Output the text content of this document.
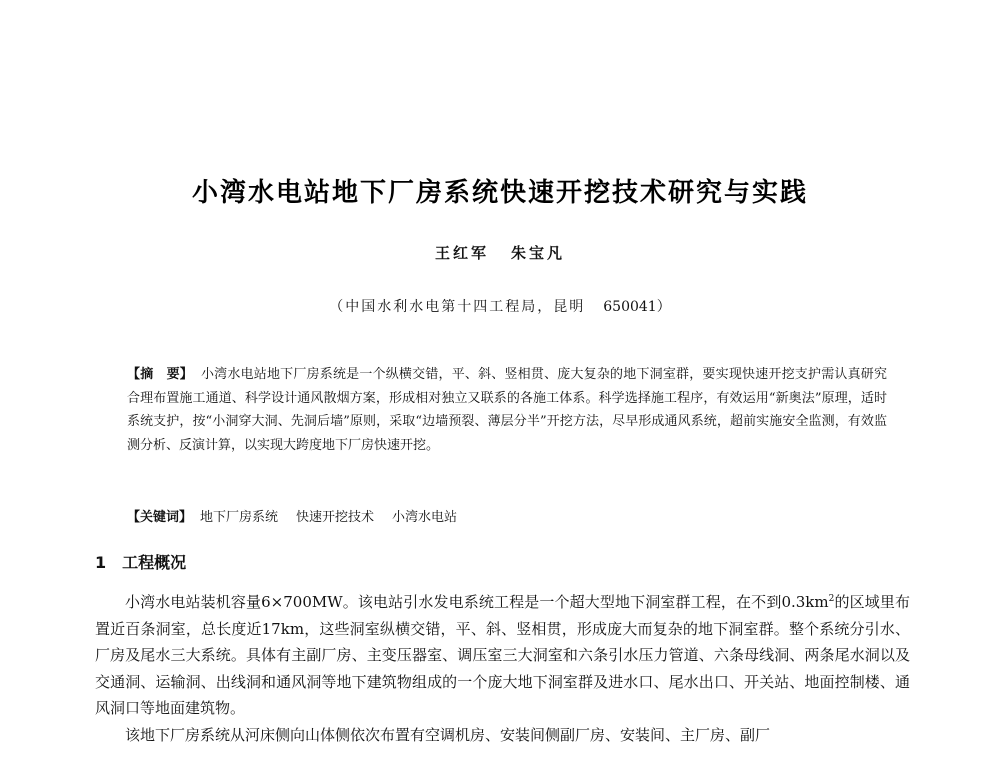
小湾水电站地下厂房系统快速开挖技术研究与实践
王红军 朱宝凡
（中国水利水电第十四工程局，昆明 650041）
【摘　要】 小湾水电站地下厂房系统是一个纵横交错，平、斜、竖相贯、庞大复杂的地下洞室群，要实现快速开挖支护需认真研究合理布置施工通道、科学设计通风散烟方案，形成相对独立又联系的各施工体系。科学选择施工程序，有效运用“新奥法”原理，适时系统支护，按“小洞穿大洞、先洞后墙”原则，采取“边墙预裂、薄层分半”开挖方法，尽早形成通风系统，超前实施安全监测，有效监测分析、反演计算，以实现大跨度地下厂房快速开挖。
【关键词】 地下厂房系统 快速开挖技术 小湾水电站
1 工程概况

小湾水电站装机容量6×700MW。该电站引水发电系统工程是一个超大型地下洞室群工程，在不到$0.3km^2$的区域里布置近百条洞室，总长度近17km，这些洞室纵横交错，平、斜、竖相贯，形成庞大而复杂的地下洞室群。整个系统分引水、厂房及尾水三大系统。具体有主副厂房、主变压器室、调压室三大洞室和六条引水压力管道、六条母线洞、两条尾水洞以及交通洞、运输洞、出线洞和通风洞等地下建筑物组成的一个庞大地下洞室群及进水口、尾水出口、开关站、地面控制楼、通风洞口等地面建筑物。

该地下厂房系统从河床侧向山体侧依次布置有空调机房、安装间侧副厂房、安装间、主厂房、副厂
